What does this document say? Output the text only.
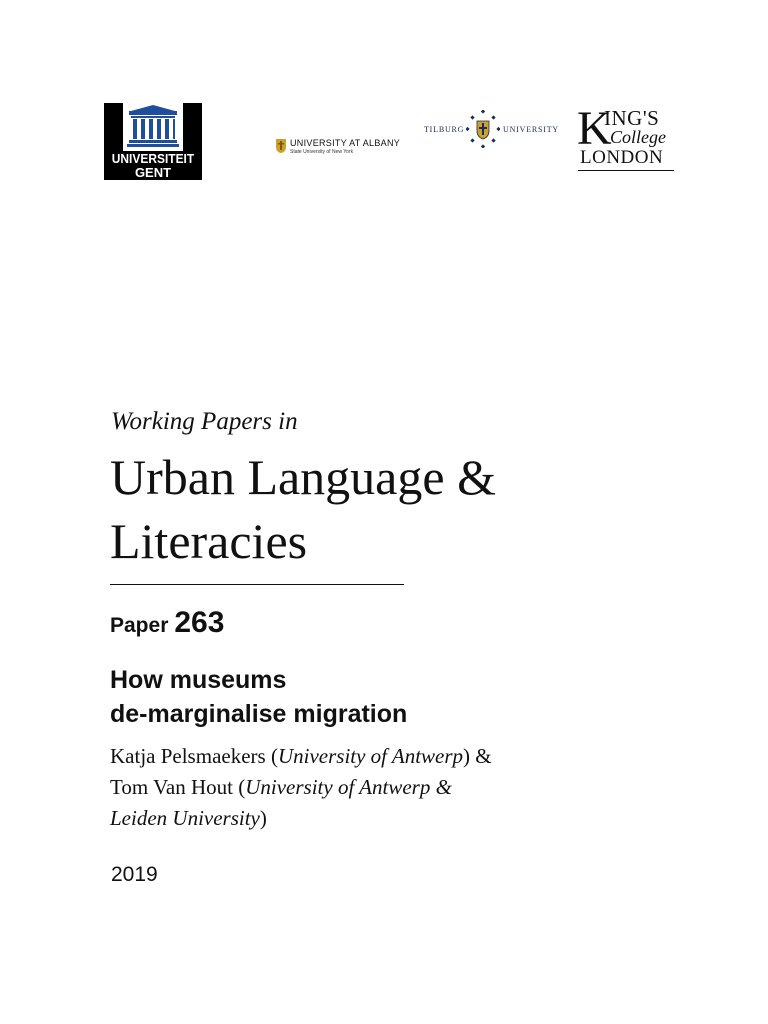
UNIVERSITEIT
GENT
UNIVERSITY AT ALBANY
State University of New York
TILBURG	UNIVERSITY K
ING'S
College
LONDON
Working Papers in
Urban Language &
Literacies
Paper 263
How museums
de-marginalise migration
Katja Pelsmaekers (University of Antwerp) &
Tom Van Hout (University of Antwerp &
Leiden University)
2019
